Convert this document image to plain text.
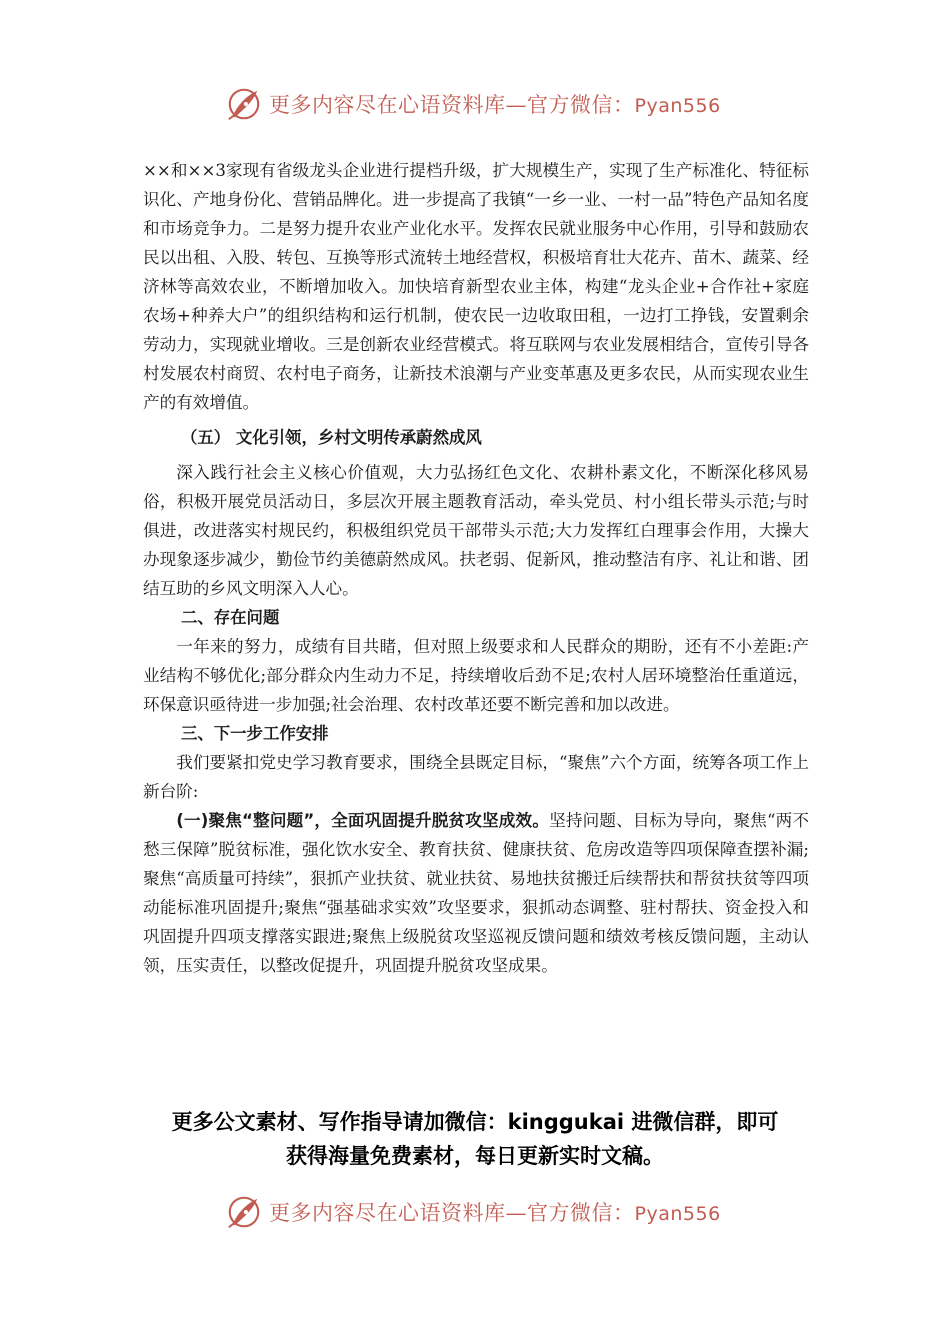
更多内容尽在心语资料库—官方微信：Pyan556

××和××3家现有省级龙头企业进行提档升级，扩大规模生产，实现了生产标准化、特征标识化、产地身份化、营销品牌化。进一步提高了我镇“一乡一业、一村一品”特色产品知名度和市场竞争力。二是努力提升农业产业化水平。发挥农民就业服务中心作用，引导和鼓励农民以出租、入股、转包、互换等形式流转土地经营权，积极培育壮大花卉、苗木、蔬菜、经济林等高效农业，不断增加收入。加快培育新型农业主体，构建“龙头企业+合作社+家庭农场+种养大户”的组织结构和运行机制，使农民一边收取田租，一边打工挣钱，安置剩余劳动力，实现就业增收。三是创新农业经营模式。将互联网与农业发展相结合，宣传引导各村发展农村商贸、农村电子商务，让新技术浪潮与产业变革惠及更多农民，从而实现农业生产的有效增值。

（五） 文化引领，乡村文明传承蔚然成风

深入践行社会主义核心价值观，大力弘扬红色文化、农耕朴素文化，不断深化移风易俗，积极开展党员活动日，多层次开展主题教育活动，牵头党员、村小组长带头示范;与时俱进，改进落实村规民约，积极组织党员干部带头示范;大力发挥红白理事会作用，大操大办现象逐步减少，勤俭节约美德蔚然成风。扶老弱、促新风，推动整洁有序、礼让和谐、团结互助的乡风文明深入人心。

二、存在问题

一年来的努力，成绩有目共睹，但对照上级要求和人民群众的期盼，还有不小差距:产业结构不够优化;部分群众内生动力不足，持续增收后劲不足;农村人居环境整治任重道远，环保意识亟待进一步加强;社会治理、农村改革还要不断完善和加以改进。

三、下一步工作安排

我们要紧扣党史学习教育要求，围绕全县既定目标，“聚焦”六个方面，统筹各项工作上新台阶:

(一)聚焦“整问题”，全面巩固提升脱贫攻坚成效。坚持问题、目标为导向，聚焦“两不愁三保障”脱贫标准，强化饮水安全、教育扶贫、健康扶贫、危房改造等四项保障查摆补漏;聚焦“高质量可持续”，狠抓产业扶贫、就业扶贫、易地扶贫搬迁后续帮扶和帮贫扶贫等四项动能标准巩固提升;聚焦“强基础求实效”攻坚要求，狠抓动态调整、驻村帮扶、资金投入和巩固提升四项支撑落实跟进;聚焦上级脱贫攻坚巡视反馈问题和绩效考核反馈问题，主动认领，压实责任，以整改促提升，巩固提升脱贫攻坚成果。

更多公文素材、写作指导请加微信：kinggukai 进微信群，即可
获得海量免费素材，每日更新实时文稿。
更多内容尽在心语资料库—官方微信：Pyan556
